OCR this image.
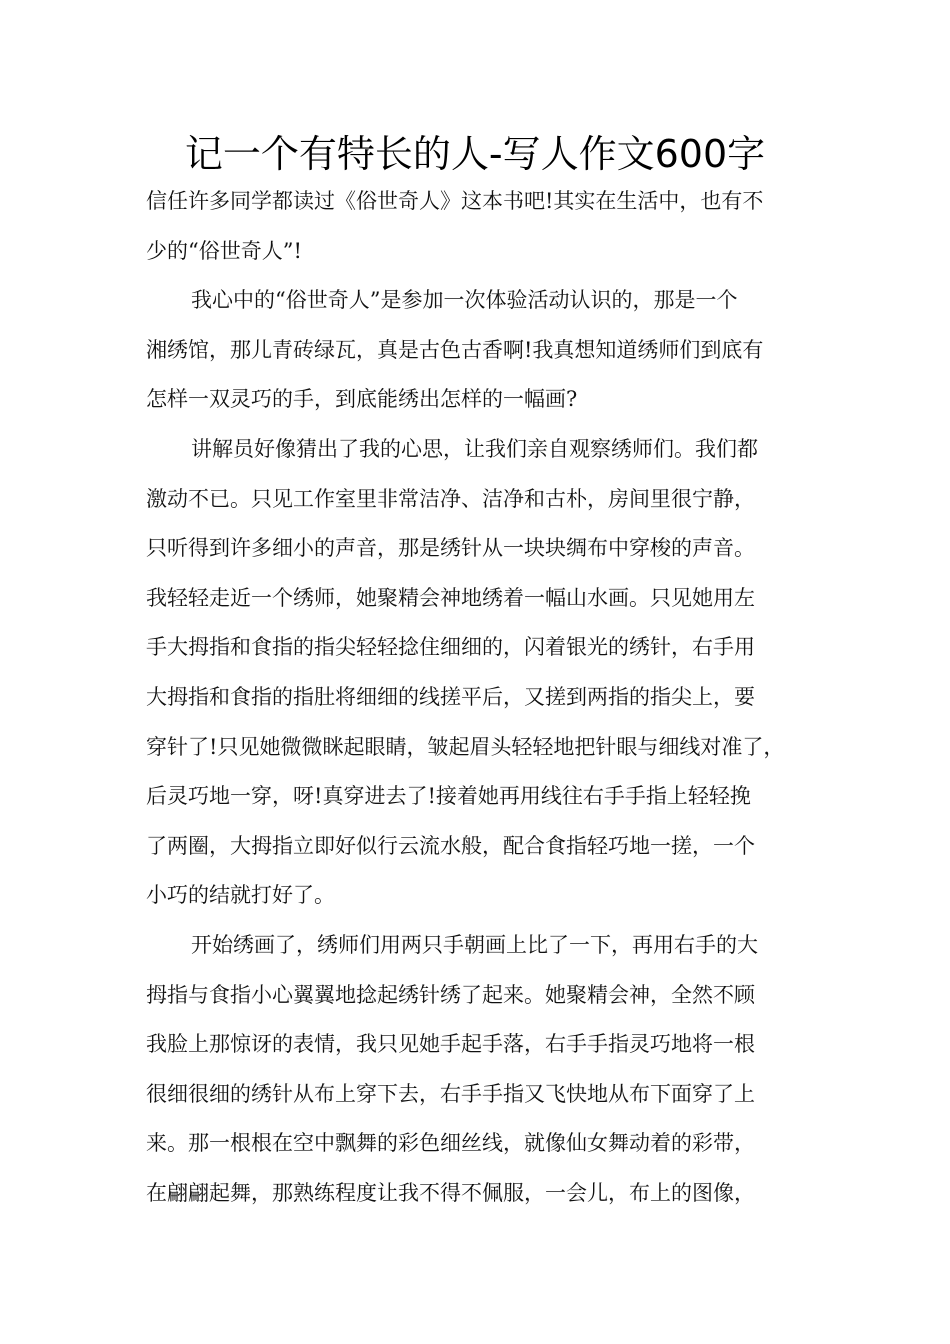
记一个有特长的人-写人作文600字
信任许多同学都读过《俗世奇人》这本书吧!其实在生活中，也有不
少的“俗世奇人”!
我心中的“俗世奇人”是参加一次体验活动认识的，那是一个
湘绣馆，那儿青砖绿瓦，真是古色古香啊!我真想知道绣师们到底有
怎样一双灵巧的手，到底能绣出怎样的一幅画?
讲解员好像猜出了我的心思，让我们亲自观察绣师们。我们都
激动不已。只见工作室里非常洁净、洁净和古朴，房间里很宁静，
只听得到许多细小的声音，那是绣针从一块块绸布中穿梭的声音。
我轻轻走近一个绣师，她聚精会神地绣着一幅山水画。只见她用左
手大拇指和食指的指尖轻轻捻住细细的，闪着银光的绣针，右手用
大拇指和食指的指肚将细细的线搓平后，又搓到两指的指尖上，要
穿针了!只见她微微眯起眼睛，皱起眉头轻轻地把针眼与细线对准了，
后灵巧地一穿，呀!真穿进去了!接着她再用线往右手手指上轻轻挽
了两圈，大拇指立即好似行云流水般，配合食指轻巧地一搓，一个
小巧的结就打好了。
开始绣画了，绣师们用两只手朝画上比了一下，再用右手的大
拇指与食指小心翼翼地捻起绣针绣了起来。她聚精会神，全然不顾
我脸上那惊讶的表情，我只见她手起手落，右手手指灵巧地将一根
很细很细的绣针从布上穿下去，右手手指又飞快地从布下面穿了上
来。那一根根在空中飘舞的彩色细丝线，就像仙女舞动着的彩带，
在翩翩起舞，那熟练程度让我不得不佩服，一会儿，布上的图像，
